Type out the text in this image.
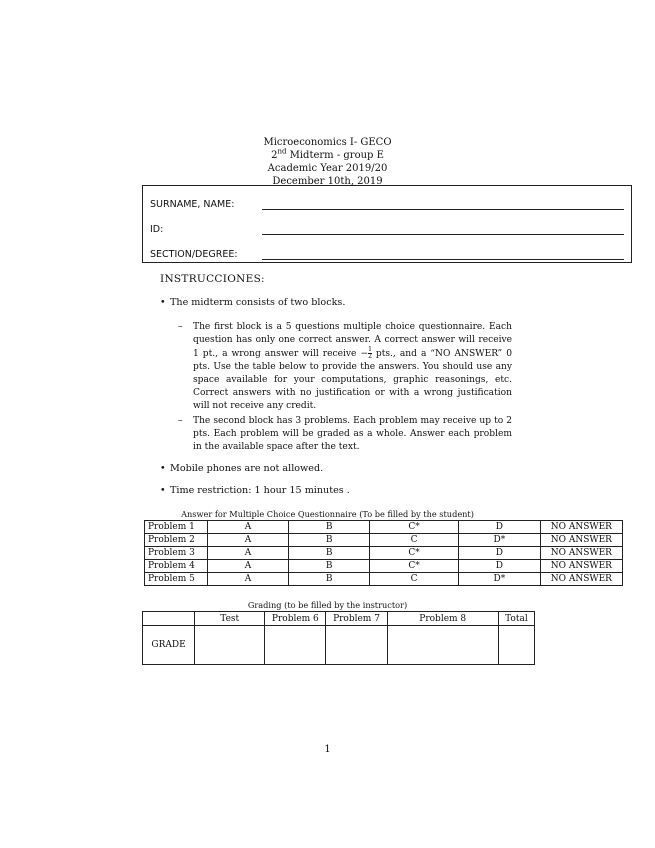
Microeconomics I- GECO
2nd Midterm - group E
Academic Year 2019/20
December 10th, 2019
SURNAME, NAME:
ID:
SECTION/DEGREE:
INSTRUCCIONES:
• The midterm consists of two blocks.
– The first block is a 5 questions multiple choice questionnaire. Each question has only one correct answer. A correct answer will receive 1 pt., a wrong answer will receive − $\frac{1}{2}$ pts., and a “NO ANSWER” 0 pts. Use the table below to provide the answers. You should use any space available for your computations, graphic reasonings, etc. Correct answers with no justification or with a wrong justification will not receive any credit.
– The second block has 3 problems. Each problem may receive up to 2 pts. Each problem will be graded as a whole. Answer each problem in the available space after the text.
• Mobile phones are not allowed.
• Time restriction: 1 hour 15 minutes .
Answer for Multiple Choice Questionnaire (To be filled by the student)
Problem 1	A	B	C*	D	NO ANSWER
Problem 2	A	B	C	D*	NO ANSWER
Problem 3	A	B	C*	D	NO ANSWER
Problem 4	A	B	C*	D	NO ANSWER
Problem 5	A	B	C	D*	NO ANSWER
Grading (to be filled by the instructor)
	Test	Problem 6	Problem 7	Problem 8	Total
GRADE					
1
